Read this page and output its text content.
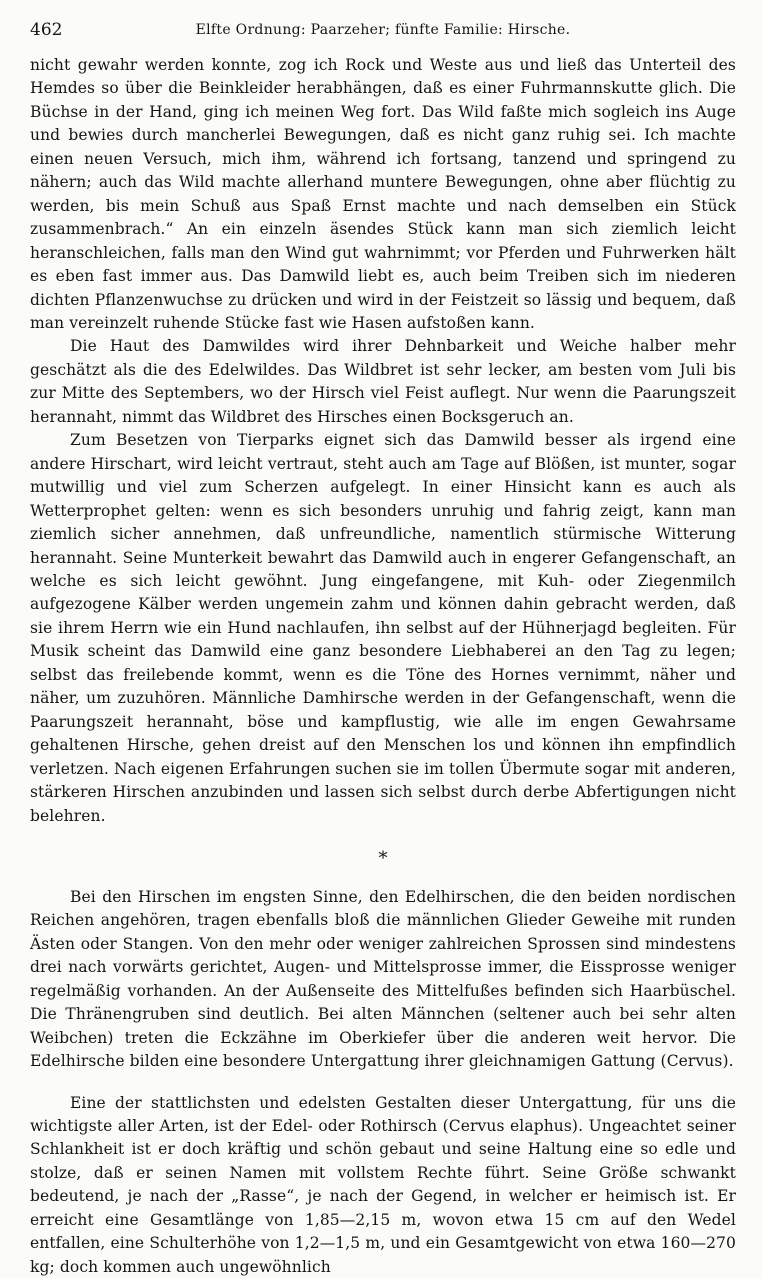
462	Elfte Ordnung: Paarzeher; fünfte Familie: Hirsche.

nicht gewahr werden konnte, zog ich Rock und Weste aus und ließ das Unterteil des Hemdes so über die Beinkleider herabhängen, daß es einer Fuhrmannskutte glich. Die Büchse in der Hand, ging ich meinen Weg fort. Das Wild faßte mich sogleich ins Auge und bewies durch mancherlei Bewegungen, daß es nicht ganz ruhig sei. Ich machte einen neuen Versuch, mich ihm, während ich fortsang, tanzend und springend zu nähern; auch das Wild machte allerhand muntere Bewegungen, ohne aber flüchtig zu werden, bis mein Schuß aus Spaß Ernst machte und nach demselben ein Stück zusammenbrach.“ An ein einzeln äsendes Stück kann man sich ziemlich leicht heranschleichen, falls man den Wind gut wahrnimmt; vor Pferden und Fuhrwerken hält es eben fast immer aus. Das Damwild liebt es, auch beim Treiben sich im niederen dichten Pflanzenwuchse zu drücken und wird in der Feistzeit so lässig und bequem, daß man vereinzelt ruhende Stücke fast wie Hasen aufstoßen kann.

Die Haut des Damwildes wird ihrer Dehnbarkeit und Weiche halber mehr geschätzt als die des Edelwildes. Das Wildbret ist sehr lecker, am besten vom Juli bis zur Mitte des Septembers, wo der Hirsch viel Feist auflegt. Nur wenn die Paarungszeit herannaht, nimmt das Wildbret des Hirsches einen Bocksgeruch an.

Zum Besetzen von Tierparks eignet sich das Damwild besser als irgend eine andere Hirschart, wird leicht vertraut, steht auch am Tage auf Blößen, ist munter, sogar mutwillig und viel zum Scherzen aufgelegt. In einer Hinsicht kann es auch als Wetterprophet gelten: wenn es sich besonders unruhig und fahrig zeigt, kann man ziemlich sicher annehmen, daß unfreundliche, namentlich stürmische Witterung herannaht. Seine Munterkeit bewahrt das Damwild auch in engerer Gefangenschaft, an welche es sich leicht gewöhnt. Jung eingefangene, mit Kuh- oder Ziegenmilch aufgezogene Kälber werden ungemein zahm und können dahin gebracht werden, daß sie ihrem Herrn wie ein Hund nachlaufen, ihn selbst auf der Hühnerjagd begleiten. Für Musik scheint das Damwild eine ganz besondere Liebhaberei an den Tag zu legen; selbst das freilebende kommt, wenn es die Töne des Hornes vernimmt, näher und näher, um zuzuhören. Männliche Damhirsche werden in der Gefangenschaft, wenn die Paarungszeit herannaht, böse und kampflustig, wie alle im engen Gewahrsame gehaltenen Hirsche, gehen dreist auf den Menschen los und können ihn empfindlich verletzen. Nach eigenen Erfahrungen suchen sie im tollen Übermute sogar mit anderen, stärkeren Hirschen anzubinden und lassen sich selbst durch derbe Abfertigungen nicht belehren.

*

Bei den Hirschen im engsten Sinne, den Edelhirschen, die den beiden nordischen Reichen angehören, tragen ebenfalls bloß die männlichen Glieder Geweihe mit runden Ästen oder Stangen. Von den mehr oder weniger zahlreichen Sprossen sind mindestens drei nach vorwärts gerichtet, Augen- und Mittelsprosse immer, die Eissprosse weniger regelmäßig vorhanden. An der Außenseite des Mittelfußes befinden sich Haarbüschel. Die Thränengruben sind deutlich. Bei alten Männchen (seltener auch bei sehr alten Weibchen) treten die Eckzähne im Oberkiefer über die anderen weit hervor. Die Edelhirsche bilden eine besondere Untergattung ihrer gleichnamigen Gattung (Cervus).

Eine der stattlichsten und edelsten Gestalten dieser Untergattung, für uns die wichtigste aller Arten, ist der Edel- oder Rothirsch (Cervus elaphus). Ungeachtet seiner Schlankheit ist er doch kräftig und schön gebaut und seine Haltung eine so edle und stolze, daß er seinen Namen mit vollstem Rechte führt. Seine Größe schwankt bedeutend, je nach der „Rasse“, je nach der Gegend, in welcher er heimisch ist. Er erreicht eine Gesamtlänge von 1,85—2,15 m, wovon etwa 15 cm auf den Wedel entfallen, eine Schulterhöhe von 1,2—1,5 m, und ein Gesamtgewicht von etwa 160—270 kg; doch kommen auch ungewöhnlich
